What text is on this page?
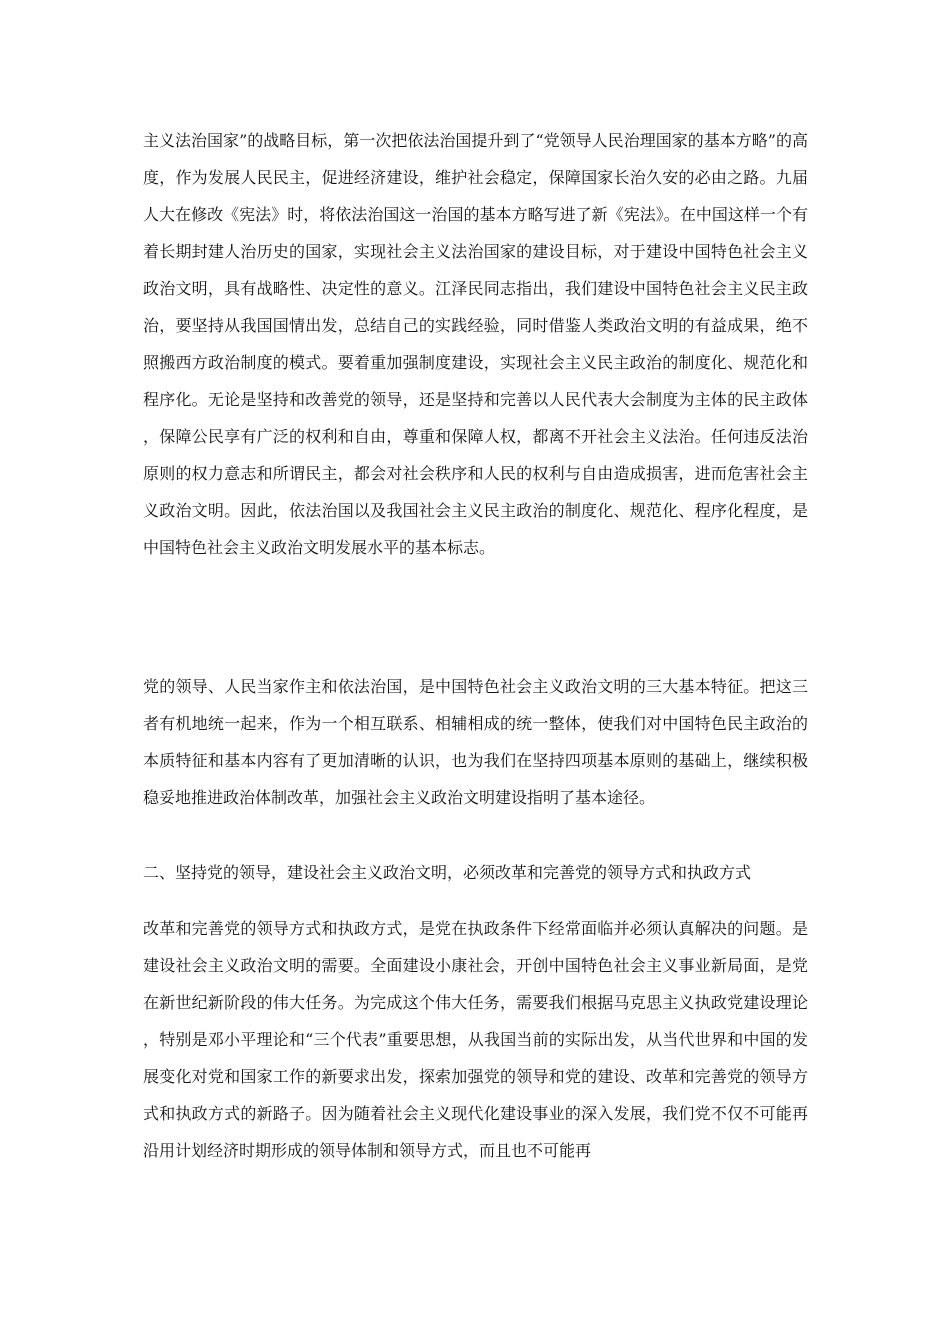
主义法治国家”的战略目标，第一次把依法治国提升到了“党领导人民治理国家的基本方略”的高度，作为发展人民民主，促进经济建设，维护社会稳定，保障国家长治久安的必由之路。九届人大在修改《宪法》时，将依法治国这一治国的基本方略写进了新《宪法》。在中国这样一个有着长期封建人治历史的国家，实现社会主义法治国家的建设目标，对于建设中国特色社会主义政治文明，具有战略性、决定性的意义。江泽民同志指出，我们建设中国特色社会主义民主政治，要坚持从我国国情出发，总结自己的实践经验，同时借鉴人类政治文明的有益成果，绝不照搬西方政治制度的模式。要着重加强制度建设，实现社会主义民主政治的制度化、规范化和程序化。无论是坚持和改善党的领导，还是坚持和完善以人民代表大会制度为主体的民主政体，保障公民享有广泛的权利和自由，尊重和保障人权，都离不开社会主义法治。任何违反法治原则的权力意志和所谓民主，都会对社会秩序和人民的权利与自由造成损害，进而危害社会主义政治文明。因此，依法治国以及我国社会主义民主政治的制度化、规范化、程序化程度，是中国特色社会主义政治文明发展水平的基本标志。

党的领导、人民当家作主和依法治国，是中国特色社会主义政治文明的三大基本特征。把这三者有机地统一起来，作为一个相互联系、相辅相成的统一整体，使我们对中国特色民主政治的本质特征和基本内容有了更加清晰的认识，也为我们在坚持四项基本原则的基础上，继续积极稳妥地推进政治体制改革，加强社会主义政治文明建设指明了基本途径。

二、坚持党的领导，建设社会主义政治文明，必须改革和完善党的领导方式和执政方式

改革和完善党的领导方式和执政方式，是党在执政条件下经常面临并必须认真解决的问题。是建设社会主义政治文明的需要。全面建设小康社会，开创中国特色社会主义事业新局面，是党在新世纪新阶段的伟大任务。为完成这个伟大任务，需要我们根据马克思主义执政党建设理论，特别是邓小平理论和“三个代表”重要思想，从我国当前的实际出发，从当代世界和中国的发展变化对党和国家工作的新要求出发，探索加强党的领导和党的建设、改革和完善党的领导方式和执政方式的新路子。因为随着社会主义现代化建设事业的深入发展，我们党不仅不可能再沿用计划经济时期形成的领导体制和领导方式，而且也不可能再
